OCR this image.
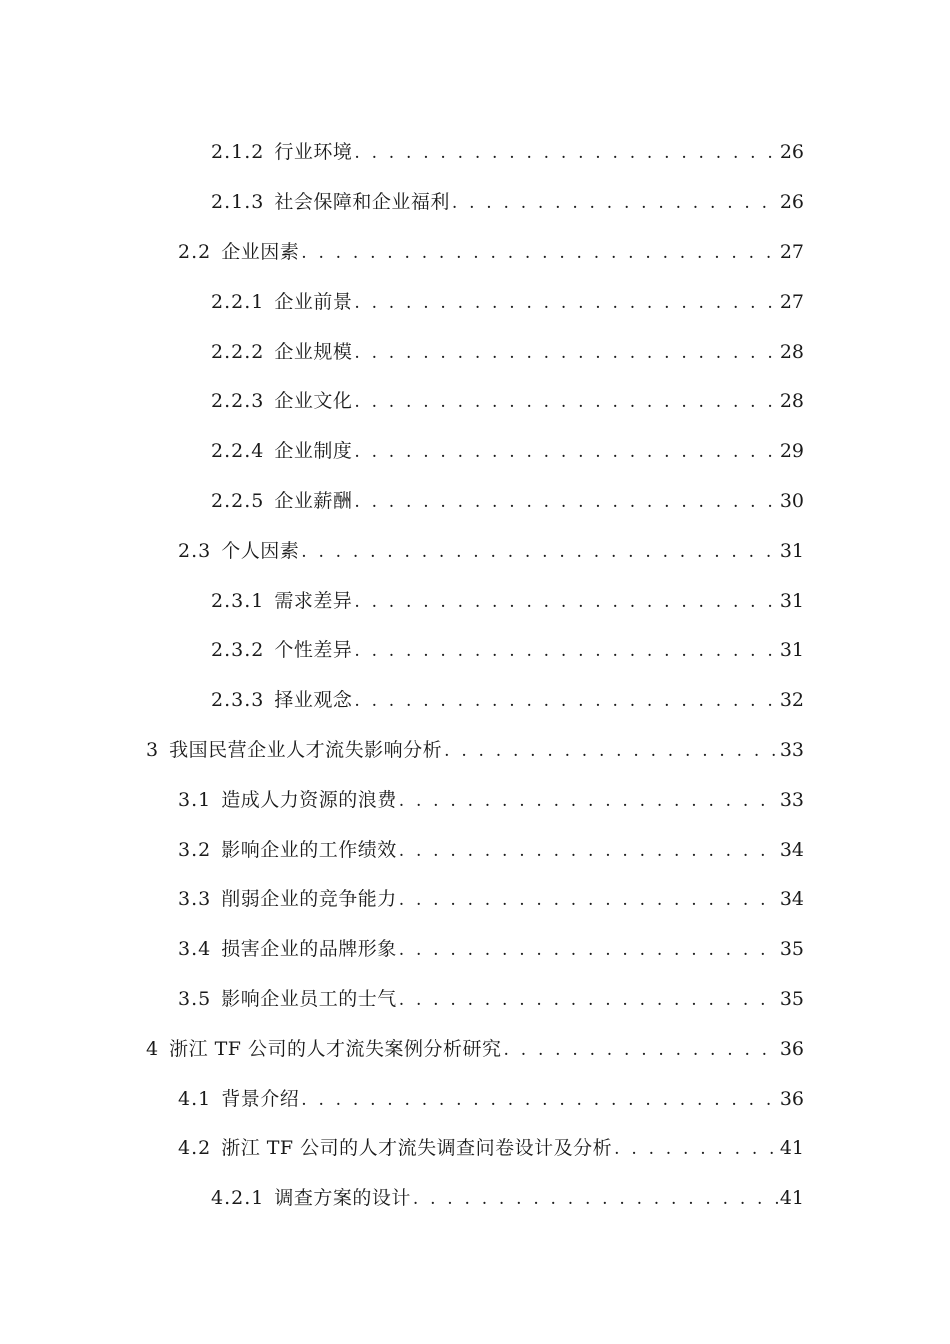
2.1.2 行业环境 . . .	26
2.1.3 社会保障和企业福利 . . .	26
2.2 企业因素 . . .	27
2.2.1 企业前景 . . .	27
2.2.2 企业规模 . . .	28
2.2.3 企业文化 . . .	28
2.2.4 企业制度 . . .	29
2.2.5 企业薪酬 . . .	30
2.3 个人因素 . . .	31
2.3.1 需求差异 . . .	31
2.3.2 个性差异 . . .	31
2.3.3 择业观念 . . .	32
3 我国民营企业人才流失影响分析 . . .	33
3.1 造成人力资源的浪费 . . .	33
3.2 影响企业的工作绩效 . . .	34
3.3 削弱企业的竞争能力 . . .	34
3.4 损害企业的品牌形象 . . .	35
3.5 影响企业员工的士气 . . .	35
4 浙江 TF 公司的人才流失案例分析研究 . . .	36
4.1 背景介绍 . . .	36
4.2 浙江 TF 公司的人才流失调查问卷设计及分析 . . .	41
4.2.1 调查方案的设计 . . .	41
